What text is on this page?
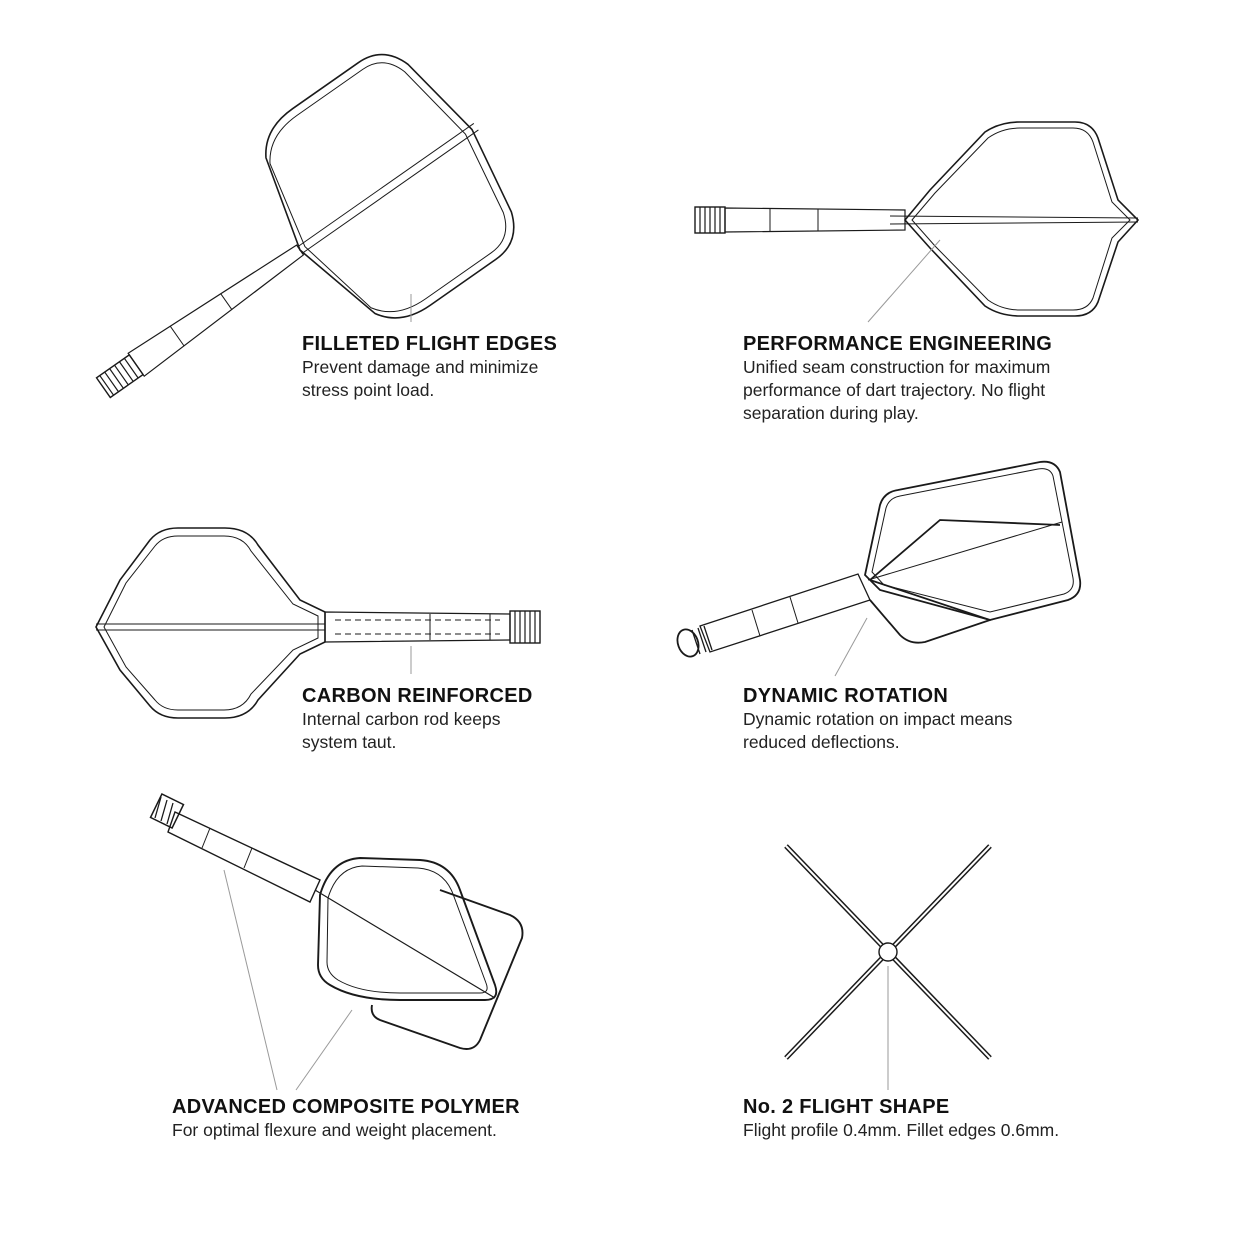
FILLETED FLIGHT EDGES

Prevent damage and minimize

stress point load.

PERFORMANCE ENGINEERING

Unified seam construction for maximum

performance of dart trajectory. No flight

separation during play.

CARBON REINFORCED

Internal carbon rod keeps

system taut.

DYNAMIC ROTATION

Dynamic rotation on impact means

reduced deflections.

ADVANCED COMPOSITE POLYMER

For optimal flexure and weight placement.

No. 2 FLIGHT SHAPE

Flight profile 0.4mm. Fillet edges 0.6mm.
